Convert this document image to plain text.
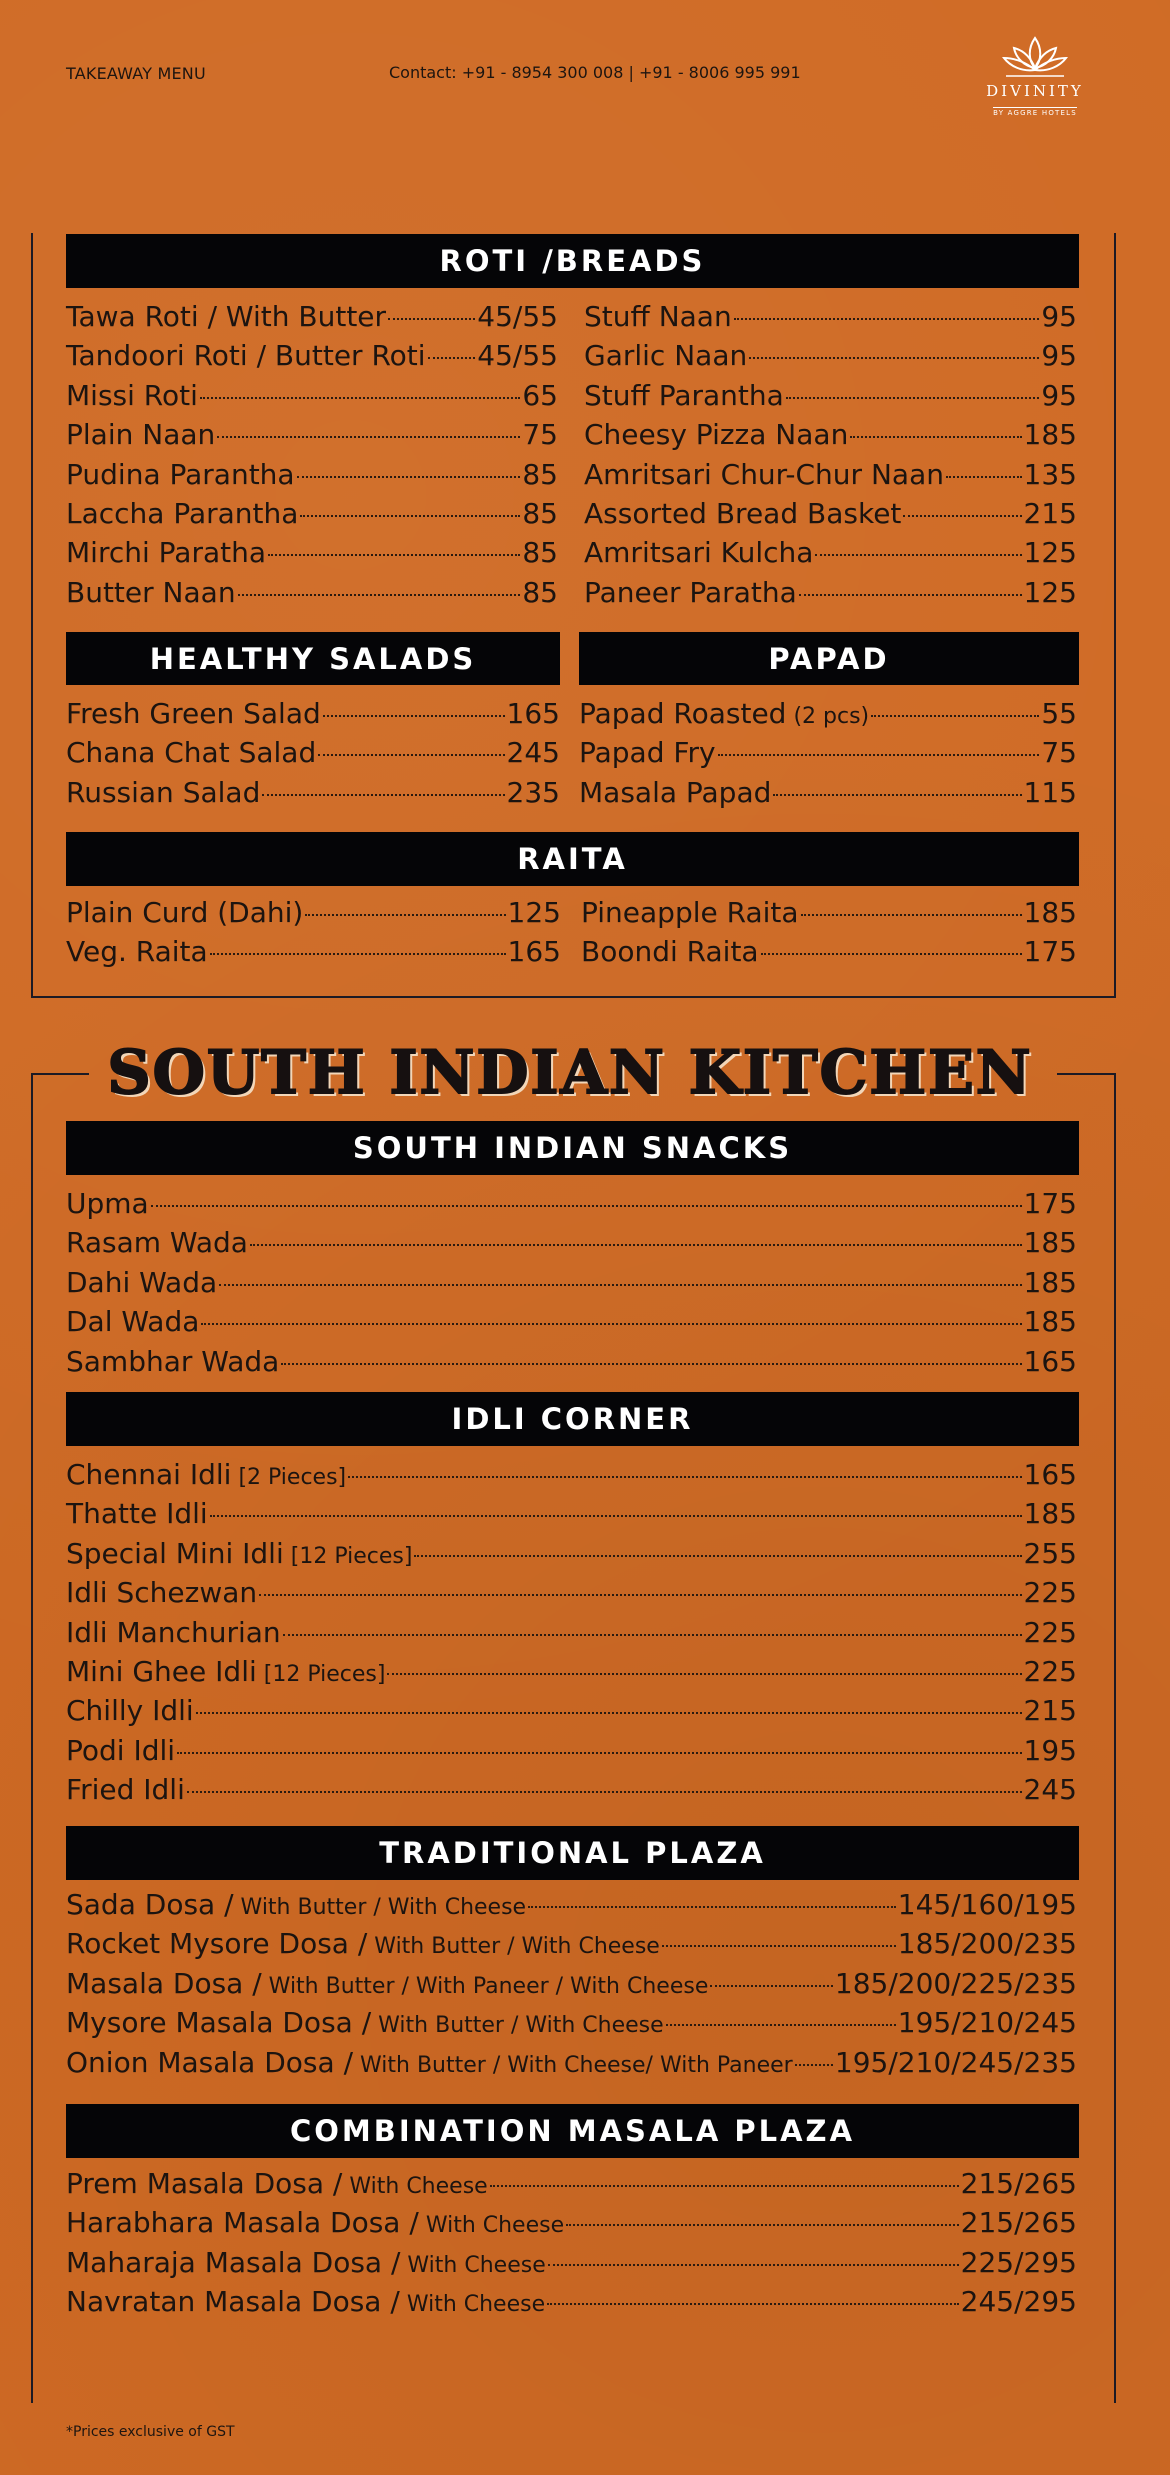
TAKEAWAY MENU	Contact: +91 - 8954 300 008 | +91 - 8006 995 991
DIVINITY
BY AGGRE HOTELS
ROTI /BREADS
Tawa Roti / With Butter	45/55
Tandoori Roti / Butter Roti 45/55
Missi Roti	65
Plain Naan	75
Pudina Parantha	85
Laccha Parantha	85
Mirchi Paratha	85
Butter Naan	85
Stuff Naan	95
Garlic Naan	95
Stuff Parantha	95
Cheesy Pizza Naan	185
Amritsari Chur-Chur Naan	135
Assorted Bread Basket	215
Amritsari Kulcha	125
Paneer Paratha	125
HEALTHY SALADS	PAPAD
Fresh Green Salad	165
Chana Chat Salad	245
Russian Salad	235
Papad Roasted (2 pcs)	55
Papad Fry	75
Masala Papad	115
RAITA
Plain Curd (Dahi)	125
Veg. Raita	165
Pineapple Raita	185
Boondi Raita	175
SOUTH INDIAN KITCHEN
SOUTH INDIAN SNACKS
Upma	175
Rasam Wada	185
Dahi Wada	185
Dal Wada	185
Sambhar Wada	165
IDLI CORNER
Chennai Idli [2 Pieces]	165
Thatte Idli	185
Special Mini Idli [12 Pieces]	255
Idli Schezwan	225
Idli Manchurian	225
Mini Ghee Idli [12 Pieces]	225
Chilly Idli	215
Podi Idli	195
Fried Idli	245
TRADITIONAL PLAZA
Sada Dosa / With Butter / With Cheese	145/160/195
Rocket Mysore Dosa / With Butter / With Cheese	185/200/235
Masala Dosa / With Butter / With Paneer / With Cheese	185/200/225/235
Mysore Masala Dosa / With Butter / With Cheese	195/210/245
Onion Masala Dosa / With Butter / With Cheese/ With Paneer 195/210/245/235
COMBINATION MASALA PLAZA
Prem Masala Dosa / With Cheese	215/265
Harabhara Masala Dosa / With Cheese	215/265
Maharaja Masala Dosa / With Cheese	225/295
Navratan Masala Dosa / With Cheese	245/295
*Prices exclusive of GST
